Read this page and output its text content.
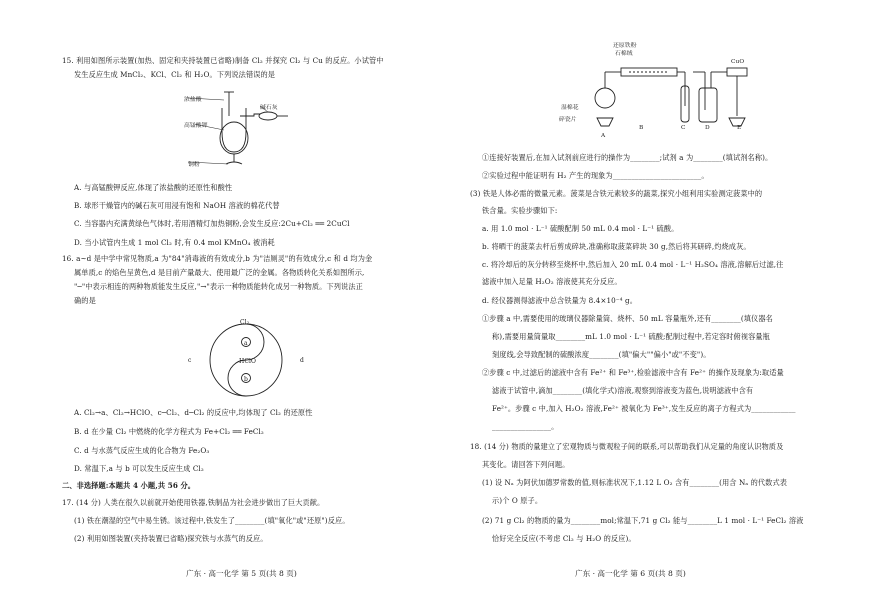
15. 利用如图所示装置(加热、固定和夹持装置已省略)制备 Cl₂ 并探究 Cl₂ 与 Cu 的反应。小试管中
发生反应生成 MnCl₂、KCl、Cl₂ 和 H₂O。下列说法错误的是
浓盐酸
高锰酸钾
铜粉
碱石灰
A. 与高锰酸钾反应,体现了浓盐酸的还原性和酸性
B. 球形干燥管内的碱石灰可用浸有饱和 NaOH 溶液的棉花代替
C. 当容器内充满黄绿色气体时,若用酒精灯加热铜粉,会发生反应:2Cu+Cl₂ ══ 2CuCl
D. 当小试管内生成 1 mol Cl₂ 时,有 0.4 mol KMnO₄ 被消耗
16. a~d 是中学中常见物质,a 为"84"消毒液的有效成分,b 为"洁厕灵"的有效成分,c 和 d 均为金
属单质,c 的焰色呈黄色,d 是目前产量最大、使用最广泛的金属。各物质转化关系如图所示,
"─"中表示相连的两种物质能发生反应,"→"表示一种物质能转化成另一种物质。下列说法正
确的是
Cl₂
a
HClO
b
c	d
A. Cl₂→a、Cl₂→HClO、c─Cl₂、d─Cl₂ 的反应中,均体现了 Cl₂ 的还原性
B. d 在少量 Cl₂ 中燃烧的化学方程式为 Fe+Cl₂ ══ FeCl₂
C. d 与水蒸气反应生成的化合物为 Fe₂O₃
D. 常温下,a 与 b 可以发生反应生成 Cl₂
二、非选择题:本题共 4 小题,共 56 分。
17. (14 分) 人类在很久以前就开始使用铁器,铁制品为社会进步做出了巨大贡献。
(1) 铁在潮湿的空气中易生锈。该过程中,铁发生了________(填"氧化"或"还原")反应。
(2) 利用如图装置(夹持装置已省略)探究铁与水蒸气的反应。
广东 · 高一化学 第 5 页(共 8 页)
湿棉花
还原铁粉
石棉绒
CuO
A
B	C	D	E
碎瓷片
①连接好装置后,在加入试剂前应进行的操作为________;试剂 a 为________(填试剂名称)。
②实验过程中能证明有 H₂ 产生的现象为________________________。
(3) 铁是人体必需的微量元素。菠菜是含铁元素较多的蔬菜,探究小组利用实验测定菠菜中的
铁含量。实验步骤如下:
a. 用 1.0 mol · L⁻¹ 硫酸配制 50 mL 0.4 mol · L⁻¹ 硫酸。
b. 将晒干的菠菜去杆后剪成碎块,准确称取菠菜碎块 30 g,然后将其研碎,灼烧成灰。
c. 将冷却后的灰分转移至烧杯中,然后加入 20 mL 0.4 mol · L⁻¹ H₂SO₄ 溶液,溶解后过滤,往
滤液中加入足量 H₂O₂ 溶液使其充分反应。
d. 经仪器测得滤液中总含铁量为 8.4×10⁻⁴ g。
①步骤 a 中,需要使用的玻璃仪器除量筒、烧杯、50 mL 容量瓶外,还有________(填仪器名
称),需要用量筒量取________mL 1.0 mol · L⁻¹ 硫酸;配制过程中,若定容时俯视容量瓶
刻度线,会导致配制的硫酸浓度________(填"偏大""偏小"或"不变")。
②步骤 c 中,过滤后的滤液中含有 Fe²⁺ 和 Fe³⁺,检验滤液中含有 Fe²⁺ 的操作及现象为:取适量
滤液于试管中,滴加________(填化学式)溶液,观察到溶液变为蓝色,说明滤液中含有
Fe²⁺。步骤 c 中,加入 H₂O₂ 溶液,Fe²⁺ 被氧化为 Fe³⁺,发生反应的离子方程式为____________
________________。
18. (14 分) 物质的量建立了宏观物质与微观粒子间的联系,可以帮助我们从定量的角度认识物质及
其变化。请回答下列问题。
(1) 设 Nₐ 为阿伏加德罗常数的值,则标准状况下,1.12 L O₂ 含有________(用含 Nₐ 的代数式表
示)个 O 原子。
(2) 71 g Cl₂ 的物质的量为________mol;常温下,71 g Cl₂ 能与________L 1 mol · L⁻¹ FeCl₂ 溶液
恰好完全反应(不考虑 Cl₂ 与 H₂O 的反应)。
广东 · 高一化学 第 6 页(共 8 页)
